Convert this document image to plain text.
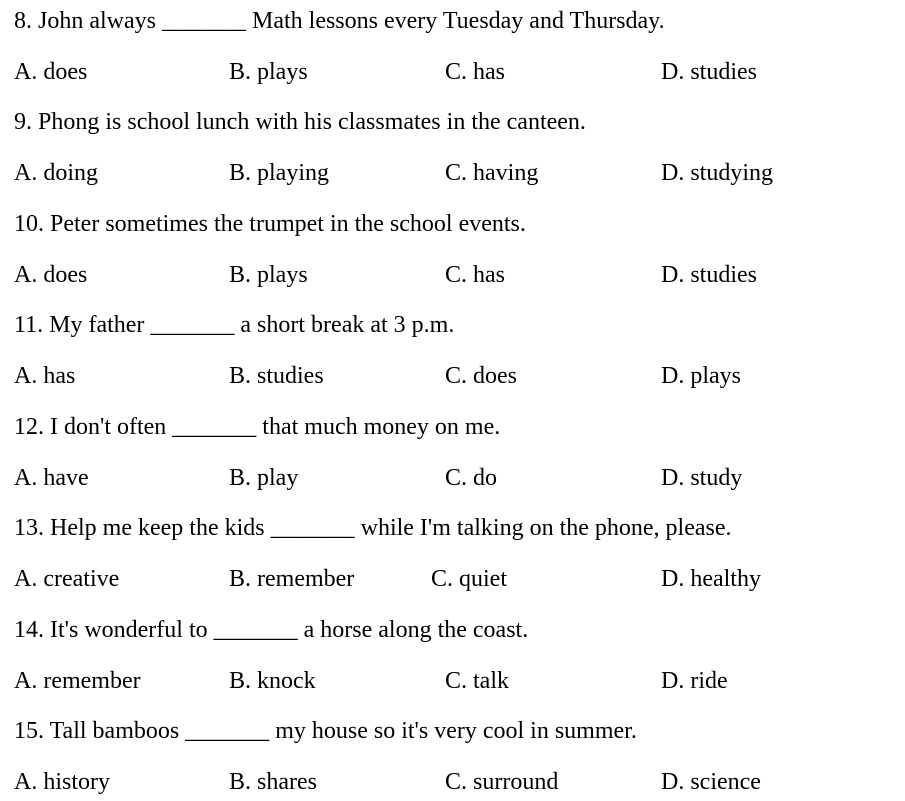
8. John always _______ Math lessons every Tuesday and Thursday.
A. does	B. plays	C. has	D. studies
9. Phong is school lunch with his classmates in the canteen.
A. doing	B. playing	C. having	D. studying
10. Peter sometimes the trumpet in the school events.
A. does	B. plays	C. has	D. studies
11. My father _______ a short break at 3 p.m.
A. has	B. studies	C. does	D. plays
12. I don't often _______ that much money on me.
A. have	B. play	C. do	D. study
13. Help me keep the kids _______ while I'm talking on the phone, please.
A. creative	B. remember	C. quiet	D. healthy
14. It's wonderful to _______ a horse along the coast.
A. remember	B. knock	C. talk	D. ride
15. Tall bamboos _______ my house so it's very cool in summer.
A. history	B. shares	C. surround	D. science
